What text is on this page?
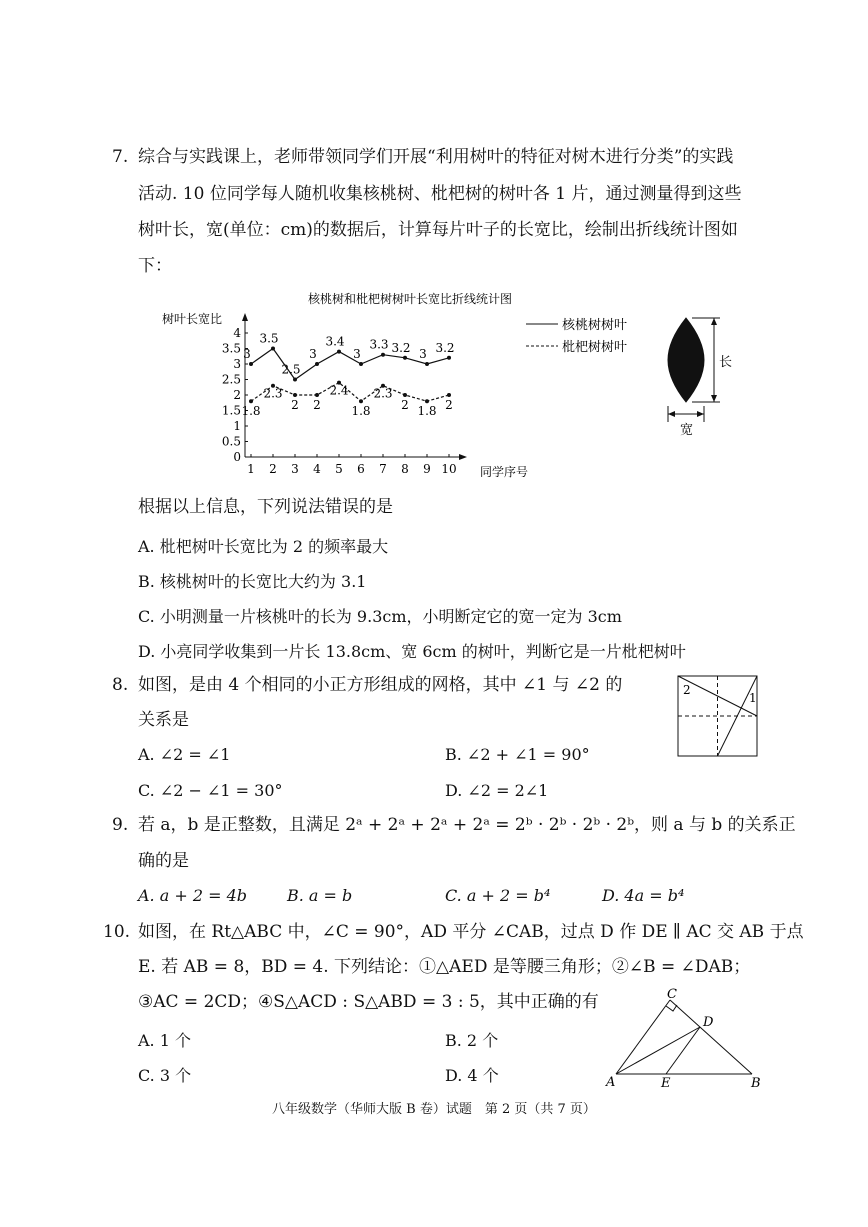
7. 综合与实践课上，老师带领同学们开展“利用树叶的特征对树木进行分类”的实践
活动. 10 位同学每人随机收集核桃树、枇杷树的树叶各 1 片，通过测量得到这些
树叶长，宽(单位：cm)的数据后，计算每片叶子的长宽比，绘制出折线统计图如
下：
核桃树和枇杷树树叶长宽比折线统计图
树叶长宽比
同学序号
0
0.5
1
1.5
2
2.5
3
3.5
4
1 2 3 4 5 6 7 8 9 10
3
3.5
2.5
3
3.4
3
3.3 3.2 3 3.2
1.8
2.3
2 2
2.4
1.8
2.3
2 1.8 2
核桃树树叶
枇杷树树叶
长
宽
根据以上信息，下列说法错误的是
A. 枇杷树叶长宽比为 2 的频率最大
B. 核桃树叶的长宽比大约为 3.1
C. 小明测量一片核桃叶的长为 9.3cm，小明断定它的宽一定为 3cm
D. 小亮同学收集到一片长 13.8cm、宽 6cm 的树叶，判断它是一片枇杷树叶
8. 如图，是由 4 个相同的小正方形组成的网格，其中 ∠1 与 ∠2 的
关系是
A. ∠2 = ∠1	B. ∠2 + ∠1 = 90°
C. ∠2 − ∠1 = 30°	D. ∠2 = 2∠1
2
1
9. 若 a，b 是正整数，且满足 2ᵃ + 2ᵃ + 2ᵃ + 2ᵃ = 2ᵇ · 2ᵇ · 2ᵇ · 2ᵇ，则 a 与 b 的关系正
确的是
A. a + 2 = 4b B. a = b	C. a + 2 = b⁴	D. 4a = b⁴
10. 如图，在 Rt△ABC 中，∠C = 90°，AD 平分 ∠CAB，过点 D 作 DE ∥ AC 交 AB 于点
E. 若 AB = 8，BD = 4. 下列结论：①△AED 是等腰三角形；②∠B = ∠DAB；
③AC = 2CD；④S△ACD : S△ABD = 3 : 5，其中正确的有
A. 1 个	B. 2 个
C. 3 个	D. 4 个
C
D
A	E	B
八年级数学（华师大版 B 卷）试题　第 2 页（共 7 页）
